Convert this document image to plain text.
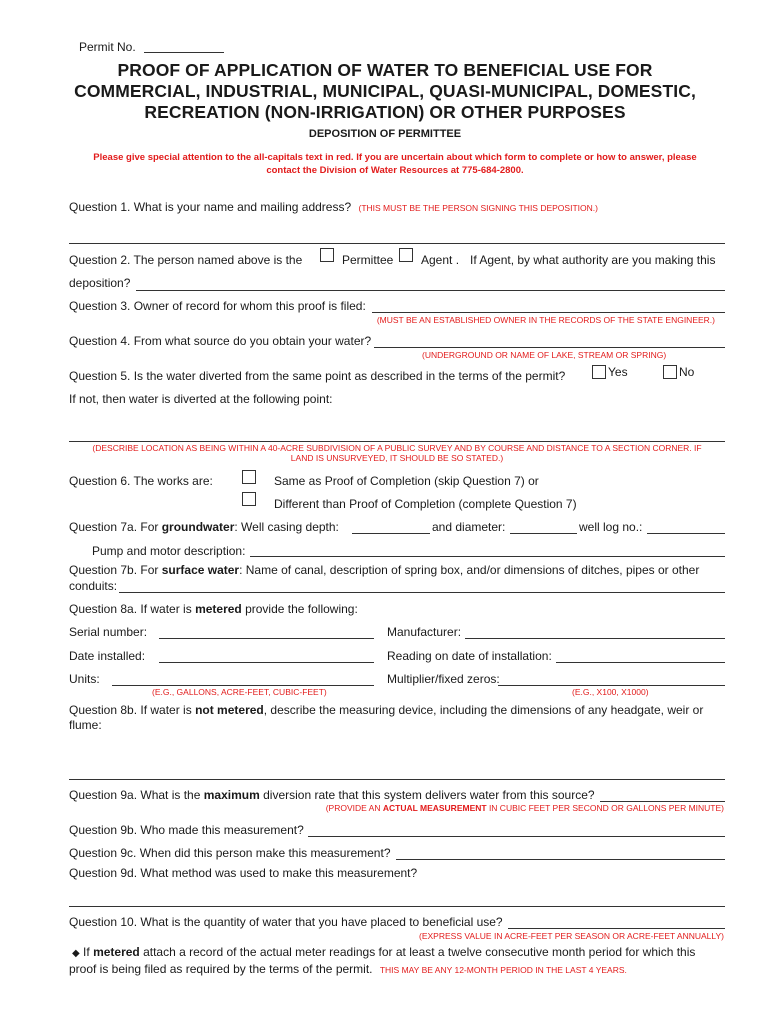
Permit No.
PROOF OF APPLICATION OF WATER TO BENEFICIAL USE FOR
COMMERCIAL, INDUSTRIAL, MUNICIPAL, QUASI-MUNICIPAL, DOMESTIC,
RECREATION (NON-IRRIGATION) OR OTHER PURPOSES
DEPOSITION OF PERMITTEE
Please give special attention to the all-capitals text in red. If you are uncertain about which form to complete or how to answer, please
contact the Division of Water Resources at 775-684-2800.
Question 1. What is your name and mailing address? (THIS MUST BE THE PERSON SIGNING THIS DEPOSITION.)
Question 2. The person named above is the	Permittee Agent . If Agent, by what authority are you making this
deposition?
Question 3. Owner of record for whom this proof is filed:
(MUST BE AN ESTABLISHED OWNER IN THE RECORDS OF THE STATE ENGINEER.)
Question 4. From what source do you obtain your water?
(UNDERGROUND OR NAME OF LAKE, STREAM OR SPRING)
Question 5. Is the water diverted from the same point as described in the terms of the permit?	Yes	No
If not, then water is diverted at the following point:
(DESCRIBE LOCATION AS BEING WITHIN A 40-ACRE SUBDIVISION OF A PUBLIC SURVEY AND BY COURSE AND DISTANCE TO A SECTION CORNER. IF
LAND IS UNSURVEYED, IT SHOULD BE SO STATED.)
Question 6. The works are:	Same as Proof of Completion (skip Question 7) or
Different than Proof of Completion (complete Question 7)
Question 7a. For groundwater: Well casing depth:	and diameter:	well log no.:
Pump and motor description:
Question 7b. For surface water: Name of canal, description of spring box, and/or dimensions of ditches, pipes or other
conduits:
Question 8a. If water is metered provide the following:
Serial number:	Manufacturer:
Date installed:	Reading on date of installation:
Units:	Multiplier/fixed zeros:
(E.G., GALLONS, ACRE-FEET, CUBIC-FEET)	(E.G., X100, X1000)
Question 8b. If water is not metered, describe the measuring device, including the dimensions of any headgate, weir or
flume:
Question 9a. What is the maximum diversion rate that this system delivers water from this source?
(PROVIDE AN ACTUAL MEASUREMENT IN CUBIC FEET PER SECOND OR GALLONS PER MINUTE)
Question 9b. Who made this measurement?
Question 9c. When did this person make this measurement?
Question 9d. What method was used to make this measurement?
Question 10. What is the quantity of water that you have placed to beneficial use?
(EXPRESS VALUE IN ACRE-FEET PER SEASON OR ACRE-FEET ANNUALLY)
◆ If metered attach a record of the actual meter readings for at least a twelve consecutive month period for which this
proof is being filed as required by the terms of the permit. THIS MAY BE ANY 12-MONTH PERIOD IN THE LAST 4 YEARS.
